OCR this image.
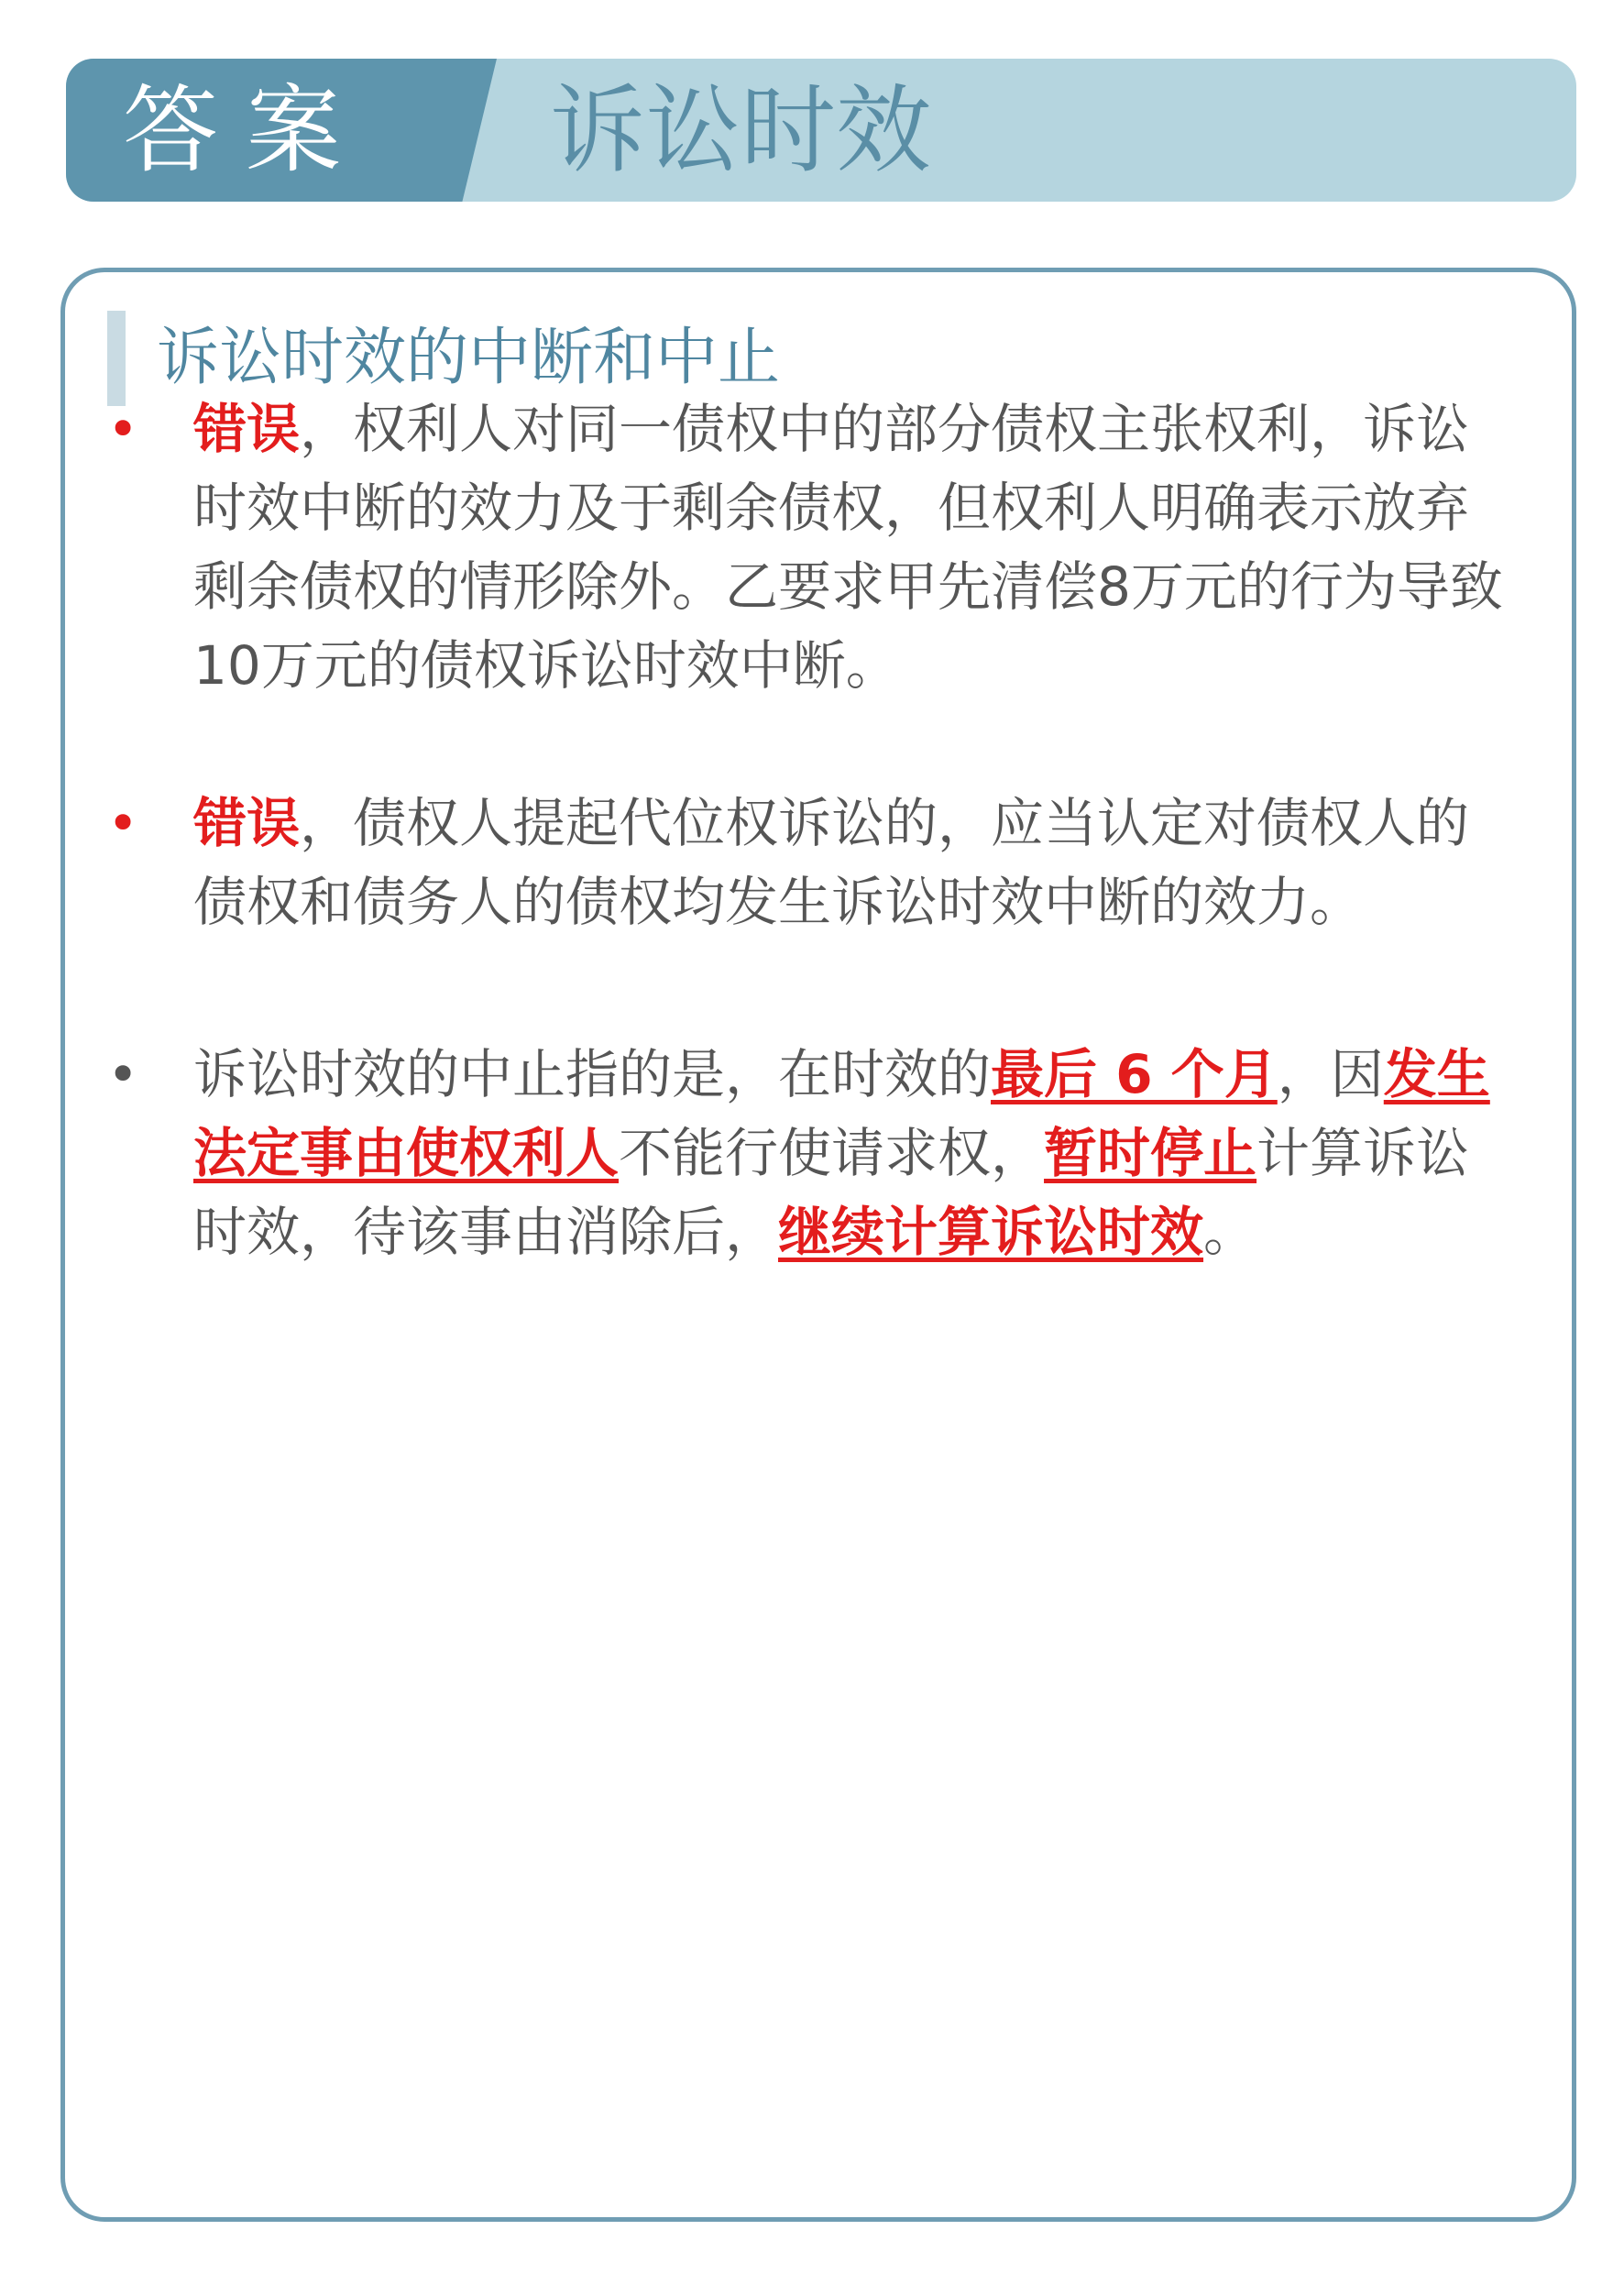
答案 诉讼时效
诉讼时效的中断和中止
• 错误，权利人对同一债权中的部分债权主张权利，诉讼时效中断的效力及于剩余债权，但权利人明确表示放弃剩余债权的情形除外。乙要求甲先清偿8万元的行为导致10万元的债权诉讼时效中断。
• 错误，债权人提起代位权诉讼的，应当认定对债权人的债权和债务人的债权均发生诉讼时效中断的效力。
• 诉讼时效的中止指的是，在时效的最后 6 个月，因发生法定事由使权利人不能行使请求权，暂时停止计算诉讼时效，待该事由消除后，继续计算诉讼时效。
